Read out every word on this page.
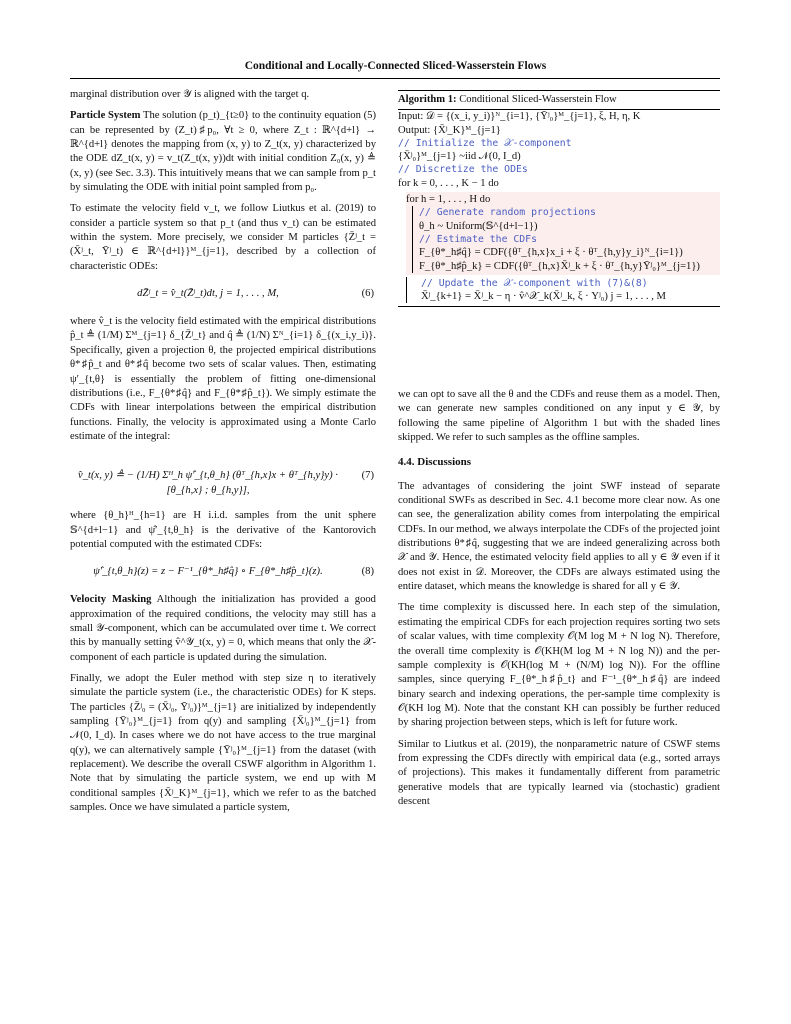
Conditional and Locally-Connected Sliced-Wasserstein Flows

marginal distribution over 𝒴 is aligned with the target q.

Particle System The solution (p_t)_{t≥0} to the continuity equation (5) can be represented by (Z_t)♯p₀, ∀t ≥ 0, where Z_t : ℝ^{d+l} → ℝ^{d+l} denotes the mapping from (x, y) to Z_t(x, y) characterized by the ODE dZ_t(x, y) = v_t(Z_t(x, y))dt with initial condition Z₀(x, y) ≜ (x, y) (see Sec. 3.3). This intuitively means that we can sample from p_t by simulating the ODE with initial point sampled from p₀.

To estimate the velocity field v_t, we follow Liutkus et al. (2019) to consider a particle system so that p_t (and thus v_t) can be estimated within the system. More precisely, we consider M particles {Z̄ʲ_t = (X̄ʲ_t, Ȳʲ_t) ∈ ℝ^{d+l}}ᴹ_{j=1}, described by a collection of characteristic ODEs:

dZ̄ʲ_t = v̂_t(Z̄ʲ_t)dt, j = 1, . . . , M,	(6)

where v̂_t is the velocity field estimated with the empirical distributions p̂_t ≜ (1/M) Σᴹ_{j=1} δ_{Z̄ʲ_t} and q̂ ≜ (1/N) Σᴺ_{i=1} δ_{(x_i,y_i)}. Specifically, given a projection θ, the projected empirical distributions θ*♯p̂_t and θ*♯q̂ become two sets of scalar values. Then, estimating ψ′_{t,θ} is essentially the problem of fitting one-dimensional distributions (i.e., F_{θ*♯q̂} and F_{θ*♯p̂_t}). We simply estimate the CDFs with linear interpolations between the empirical distribution functions. Finally, the velocity is approximated using a Monte Carlo estimate of the integral:

v̂_t(x, y) ≜ − (1/H) Σᴴ_h ψ̂′_{t,θ_h} (θᵀ_{h,x}x + θᵀ_{h,y}y) · [θ_{h,x} ; θ_{h,y}],
(7)

where {θ_h}ᴴ_{h=1} are H i.i.d. samples from the unit sphere 𝕊^{d+l−1} and ψ̂′_{t,θ_h} is the derivative of the Kantorovich potential computed with the estimated CDFs:

ψ̂′_{t,θ_h}(z) = z − F⁻¹_{θ*_h♯q̂} ∘ F_{θ*_h♯p̂_t}(z).	(8)

Velocity Masking Although the initialization has provided a good approximation of the required conditions, the velocity may still has a small 𝒴-component, which can be accumulated over time t. We correct this by manually setting v̂^𝒴_t(x, y) = 0, which means that only the 𝒳-component of each particle is updated during the simulation.

Finally, we adopt the Euler method with step size η to iteratively simulate the particle system (i.e., the characteristic ODEs) for K steps. The particles {Z̄ʲ₀ = (X̄ʲ₀, Ȳʲ₀)}ᴹ_{j=1} are initialized by independently sampling {Ȳʲ₀}ᴹ_{j=1} from q(y) and sampling {X̄ʲ₀}ᴹ_{j=1} from 𝒩(0, I_d). In cases where we do not have access to the true marginal q(y), we can alternatively sample {Ȳʲ₀}ᴹ_{j=1} from the dataset (with replacement). We describe the overall CSWF algorithm in Algorithm 1. Note that by simulating the particle system, we end up with M conditional samples {X̄ʲ_K}ᴹ_{j=1}, which we refer to as the batched samples. Once we have simulated a particle system,

Algorithm 1: Conditional Sliced-Wasserstein Flow
Input: 𝒟 = {(x_i, y_i)}ᴺ_{i=1}, {Ȳʲ₀}ᴹ_{j=1}, ξ, H, η, K
Output: {X̄ʲ_K}ᴹ_{j=1}
// Initialize the 𝒳-component
{X̄ʲ₀}ᴹ_{j=1} ~iid 𝒩(0, I_d)
// Discretize the ODEs
for k = 0, . . . , K − 1 do
for h = 1, . . . , H do
// Generate random projections
θ_h ~ Uniform(𝕊^{d+l−1})
// Estimate the CDFs
F_{θ*_h♯q̂} = CDF({θᵀ_{h,x}x_i + ξ · θᵀ_{h,y}y_i}ᴺ_{i=1})
F_{θ*_h♯p̂_k} = CDF({θᵀ_{h,x}X̄ʲ_k + ξ · θᵀ_{h,y}Ȳʲ₀}ᴹ_{j=1})
// Update the 𝒳-component with (7)&(8)
X̄ʲ_{k+1} = X̄ʲ_k − η · v̂^𝒳_k(X̄ʲ_k, ξ · Yʲ₀) j = 1, . . . , M

we can opt to save all the θ and the CDFs and reuse them as a model. Then, we can generate new samples conditioned on any input y ∈ 𝒴, by following the same pipeline of Algorithm 1 but with the shaded lines skipped. We refer to such samples as the offline samples.

4.4. Discussions

The advantages of considering the joint SWF instead of separate conditional SWFs as described in Sec. 4.1 become more clear now. As one can see, the generalization ability comes from interpolating the empirical CDFs. In our method, we always interpolate the CDFs of the projected joint distributions θ*♯q̂, suggesting that we are indeed generalizing across both 𝒳 and 𝒴. Hence, the estimated velocity field applies to all y ∈ 𝒴 even if it does not exist in 𝒟. Moreover, the CDFs are always estimated using the entire dataset, which means the knowledge is shared for all y ∈ 𝒴.

The time complexity is discussed here. In each step of the simulation, estimating the empirical CDFs for each projection requires sorting two sets of scalar values, with time complexity 𝒪(M log M + N log N). Therefore, the overall time complexity is 𝒪(KH(M log M + N log N)) and the per-sample complexity is 𝒪(KH(log M + (N/M) log N)). For the offline samples, since querying F_{θ*_h♯p̂_t} and F⁻¹_{θ*_h♯q̂} are indeed binary search and indexing operations, the per-sample time complexity is 𝒪(KH log M). Note that the constant KH can possibly be further reduced by sharing projection between steps, which is left for future work.

Similar to Liutkus et al. (2019), the nonparametric nature of CSWF stems from expressing the CDFs directly with empirical data (e.g., sorted arrays of projections). This makes it fundamentally different from parametric generative models that are typically learned via (stochastic) gradient descent
